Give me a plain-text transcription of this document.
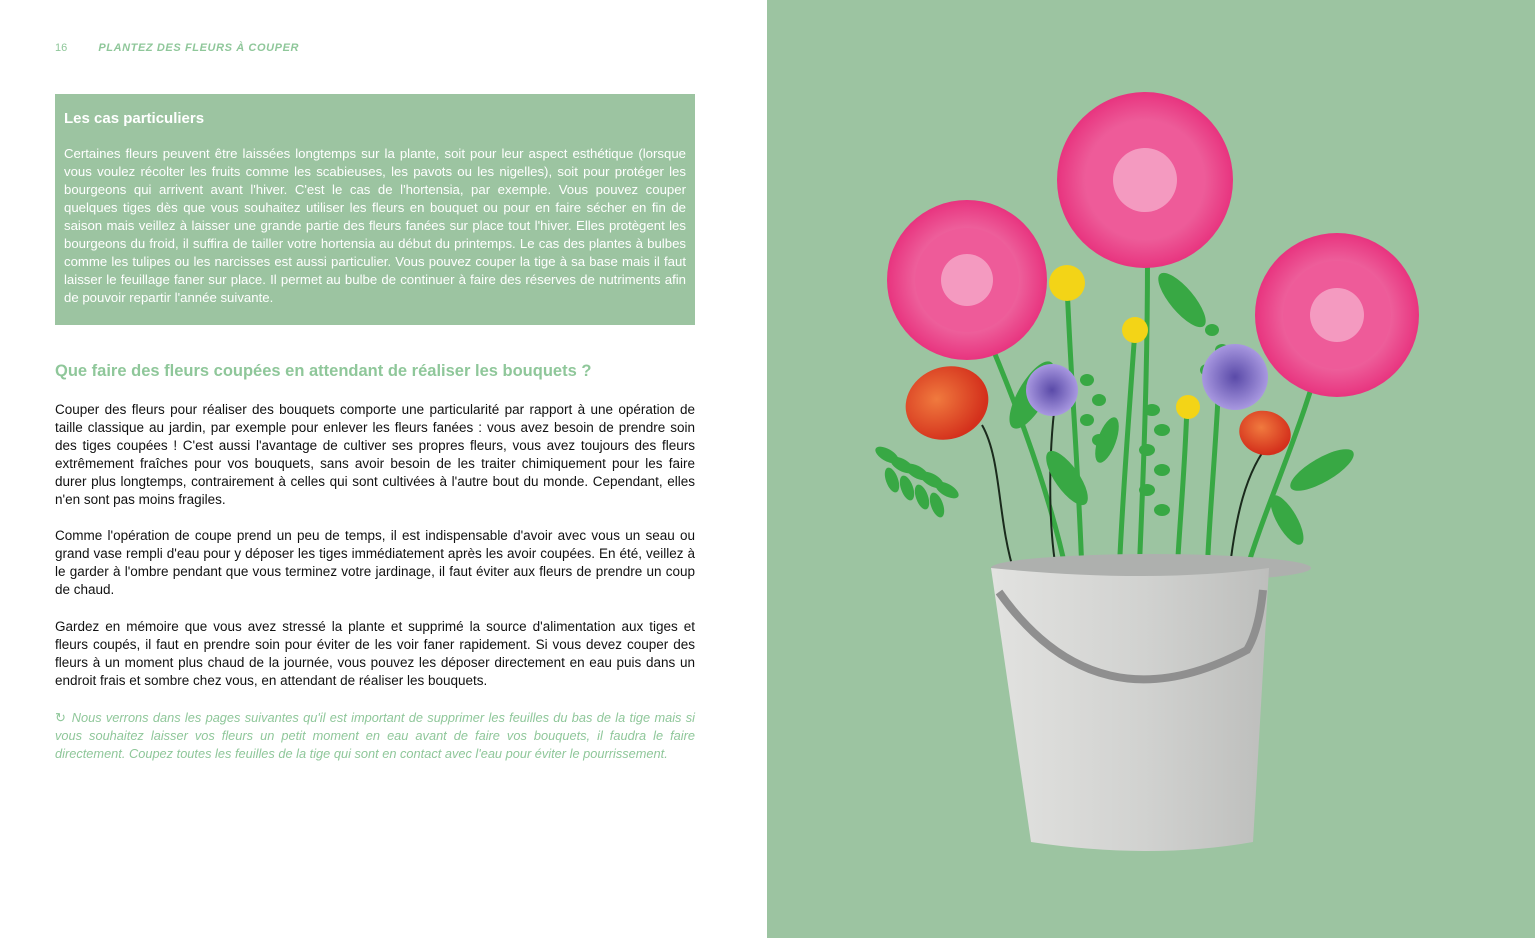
16	PLANTEZ DES FLEURS À COUPER

Les cas particuliers

Certaines fleurs peuvent être laissées longtemps sur la plante, soit pour leur aspect esthétique (lorsque vous voulez récolter les fruits comme les scabieuses, les pavots ou les nigelles), soit pour protéger les bourgeons qui arrivent avant l'hiver. C'est le cas de l'hortensia, par exemple. Vous pouvez couper quelques tiges dès que vous souhaitez utiliser les fleurs en bouquet ou pour en faire sécher en fin de saison mais veillez à laisser une grande partie des fleurs fanées sur place tout l'hiver. Elles protègent les bourgeons du froid, il suffira de tailler votre hortensia au début du printemps. Le cas des plantes à bulbes comme les tulipes ou les narcisses est aussi particulier. Vous pouvez couper la tige à sa base mais il faut laisser le feuillage faner sur place. Il permet au bulbe de continuer à faire des réserves de nutriments afin de pouvoir repartir l'année suivante.

Que faire des fleurs coupées en attendant de réaliser les bouquets ?

Couper des fleurs pour réaliser des bouquets comporte une particularité par rapport à une opération de taille classique au jardin, par exemple pour enlever les fleurs fanées : vous avez besoin de prendre soin des tiges coupées ! C'est aussi l'avantage de cultiver ses propres fleurs, vous avez toujours des fleurs extrêmement fraîches pour vos bouquets, sans avoir besoin de les traiter chimiquement pour les faire durer plus longtemps, contrairement à celles qui sont cultivées à l'autre bout du monde. Cependant, elles n'en sont pas moins fragiles.

Comme l'opération de coupe prend un peu de temps, il est indispensable d'avoir avec vous un seau ou grand vase rempli d'eau pour y déposer les tiges immédiatement après les avoir coupées. En été, veillez à le garder à l'ombre pendant que vous terminez votre jardinage, il faut éviter aux fleurs de prendre un coup de chaud.

Gardez en mémoire que vous avez stressé la plante et supprimé la source d'alimentation aux tiges et fleurs coupés, il faut en prendre soin pour éviter de les voir faner rapidement. Si vous devez couper des fleurs à un moment plus chaud de la journée, vous pouvez les déposer directement en eau puis dans un endroit frais et sombre chez vous, en attendant de réaliser les bouquets.

↻ Nous verrons dans les pages suivantes qu'il est important de supprimer les feuilles du bas de la tige mais si vous souhaitez laisser vos fleurs un petit moment en eau avant de faire vos bouquets, il faudra le faire directement. Coupez toutes les feuilles de la tige qui sont en contact avec l'eau pour éviter le pourrissement.
